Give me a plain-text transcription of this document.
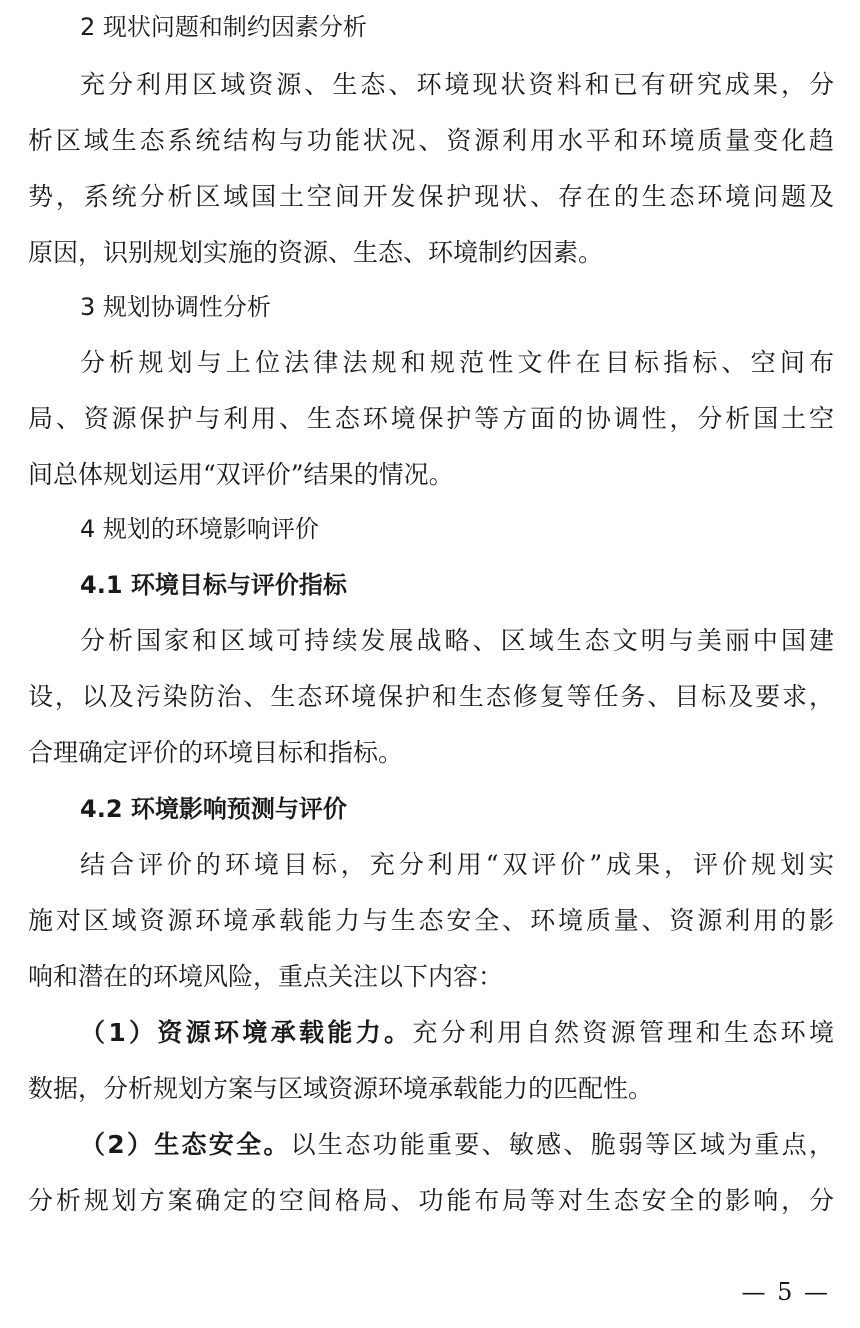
2 现状问题和制约因素分析
充分利用区域资源、生态、环境现状资料和已有研究成果，分
析区域生态系统结构与功能状况、资源利用水平和环境质量变化趋
势，系统分析区域国土空间开发保护现状、存在的生态环境问题及
原因，识别规划实施的资源、生态、环境制约因素。
3 规划协调性分析
分析规划与上位法律法规和规范性文件在目标指标、空间布
局、资源保护与利用、生态环境保护等方面的协调性，分析国土空
间总体规划运用“双评价”结果的情况。
4 规划的环境影响评价
4.1 环境目标与评价指标
分析国家和区域可持续发展战略、区域生态文明与美丽中国建
设，以及污染防治、生态环境保护和生态修复等任务、目标及要求，
合理确定评价的环境目标和指标。
4.2 环境影响预测与评价
结合评价的环境目标，充分利用“双评价”成果，评价规划实
施对区域资源环境承载能力与生态安全、环境质量、资源利用的影
响和潜在的环境风险，重点关注以下内容：
（1）资源环境承载能力。充分利用自然资源管理和生态环境
数据，分析规划方案与区域资源环境承载能力的匹配性。
（2）生态安全。以生态功能重要、敏感、脆弱等区域为重点，
分析规划方案确定的空间格局、功能布局等对生态安全的影响，分
— 5 —
